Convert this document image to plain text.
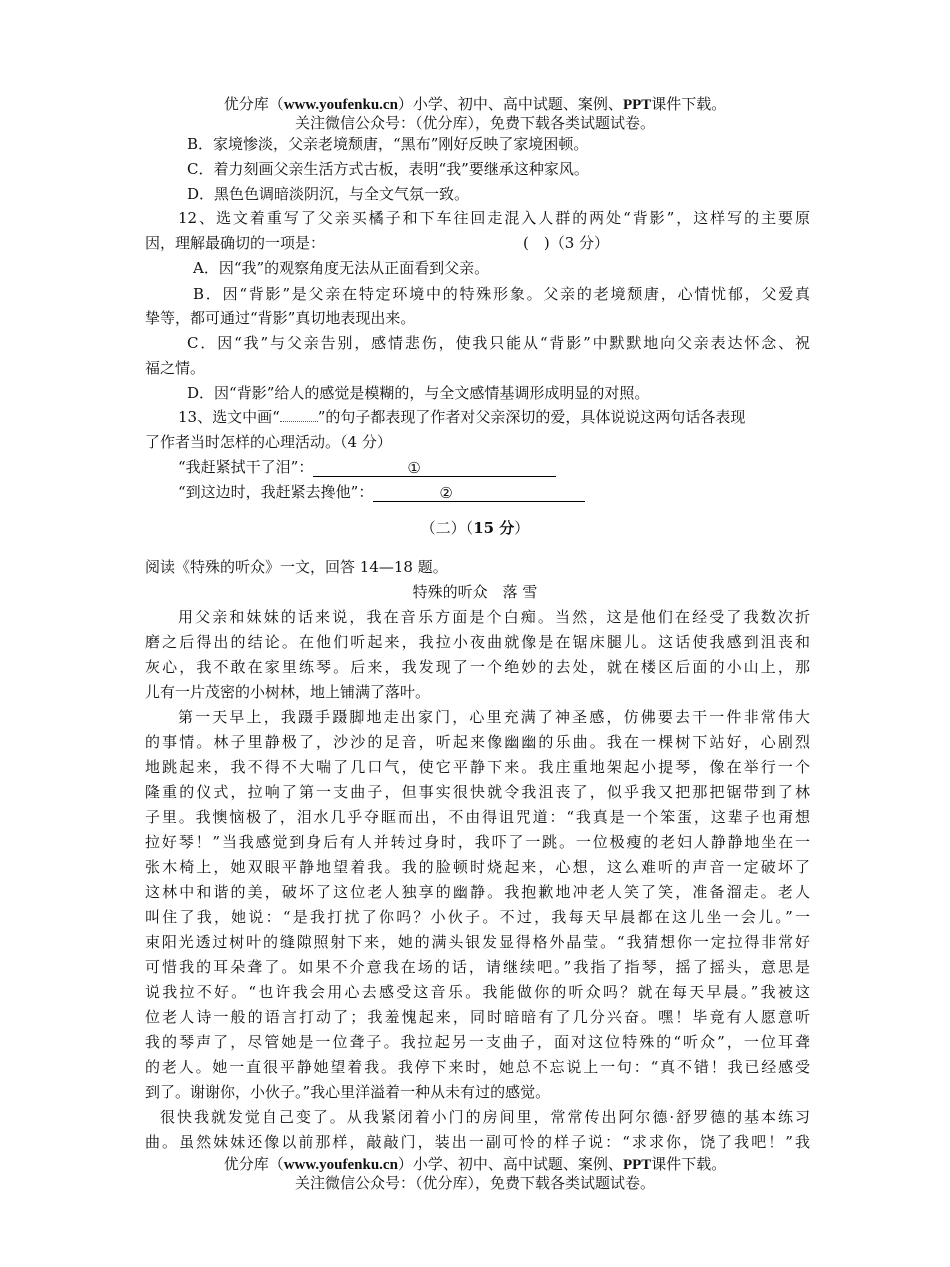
优分库（www.youfenku.cn）小学、初中、高中试题、案例、PPT课件下载。
关注微信公众号：（优分库），免费下载各类试题试卷。
B．家境惨淡，父亲老境颓唐，“黑布”刚好反映了家境困顿。
C．着力刻画父亲生活方式古板，表明“我”要继承这种家风。
D．黑色色调暗淡阴沉，与全文气氛一致。
12、选文着重写了父亲买橘子和下车往回走混入人群的两处“背影”，这样写的主要原
因，理解最确切的一项是：	(　)（3 分）
A．因“我”的观察角度无法从正面看到父亲。
B．因“背影”是父亲在特定环境中的特殊形象。父亲的老境颓唐，心情忧郁，父爱真
挚等，都可通过“背影”真切地表现出来。
C．因“我”与父亲告别，感情悲伤，使我只能从“背影”中默默地向父亲表达怀念、祝
福之情。
D．因“背影”给人的感觉是模糊的，与全文感情基调形成明显的对照。
13、选文中画“	”的句子都表现了作者对父亲深切的爱，具体说说这两句话各表现
了作者当时怎样的心理活动。（4 分）
“我赶紧拭干了泪”：	①
“到这边时，我赶紧去搀他”：	②
（二）（15 分）
阅读《特殊的听众》一文，回答 14—18 题。
特殊的听众　落 雪
用父亲和妹妹的话来说，我在音乐方面是个白痴。当然，这是他们在经受了我数次折
磨之后得出的结论。在他们听起来，我拉小夜曲就像是在锯床腿儿。这话使我感到沮丧和
灰心，我不敢在家里练琴。后来，我发现了一个绝妙的去处，就在楼区后面的小山上，那
儿有一片茂密的小树林，地上铺满了落叶。
第一天早上，我蹑手蹑脚地走出家门，心里充满了神圣感，仿佛要去干一件非常伟大
的事情。林子里静极了，沙沙的足音，听起来像幽幽的乐曲。我在一棵树下站好，心剧烈
地跳起来，我不得不大喘了几口气，使它平静下来。我庄重地架起小提琴，像在举行一个
隆重的仪式，拉响了第一支曲子，但事实很快就令我沮丧了，似乎我又把那把锯带到了林
子里。我懊恼极了，泪水几乎夺眶而出，不由得诅咒道：“我真是一个笨蛋，这辈子也甭想
拉好琴！”当我感觉到身后有人并转过身时，我吓了一跳。一位极瘦的老妇人静静地坐在一
张木椅上，她双眼平静地望着我。我的脸顿时烧起来，心想，这么难听的声音一定破坏了
这林中和谐的美，破坏了这位老人独享的幽静。我抱歉地冲老人笑了笑，准备溜走。老人
叫住了我，她说：“是我打扰了你吗？小伙子。不过，我每天早晨都在这儿坐一会儿。”一
束阳光透过树叶的缝隙照射下来，她的满头银发显得格外晶莹。“我猜想你一定拉得非常好
可惜我的耳朵聋了。如果不介意我在场的话，请继续吧。”我指了指琴，摇了摇头，意思是
说我拉不好。“也许我会用心去感受这音乐。我能做你的听众吗？就在每天早晨。”我被这
位老人诗一般的语言打动了；我羞愧起来，同时暗暗有了几分兴奋。嘿！毕竟有人愿意听
我的琴声了，尽管她是一位聋子。我拉起另一支曲子，面对这位特殊的“听众”，一位耳聋
的老人。她一直很平静她望着我。我停下来时，她总不忘说上一句：“真不错！我已经感受
到了。谢谢你，小伙子。”我心里洋溢着一种从未有过的感觉。
很快我就发觉自己变了。从我紧闭着小门的房间里，常常传出阿尔德·舒罗德的基本练习
曲。虽然妹妹还像以前那样，敲敲门，装出一副可怜的样子说：“求求你，饶了我吧！”我
优分库（www.youfenku.cn）小学、初中、高中试题、案例、PPT课件下载。
关注微信公众号：（优分库），免费下载各类试题试卷。
